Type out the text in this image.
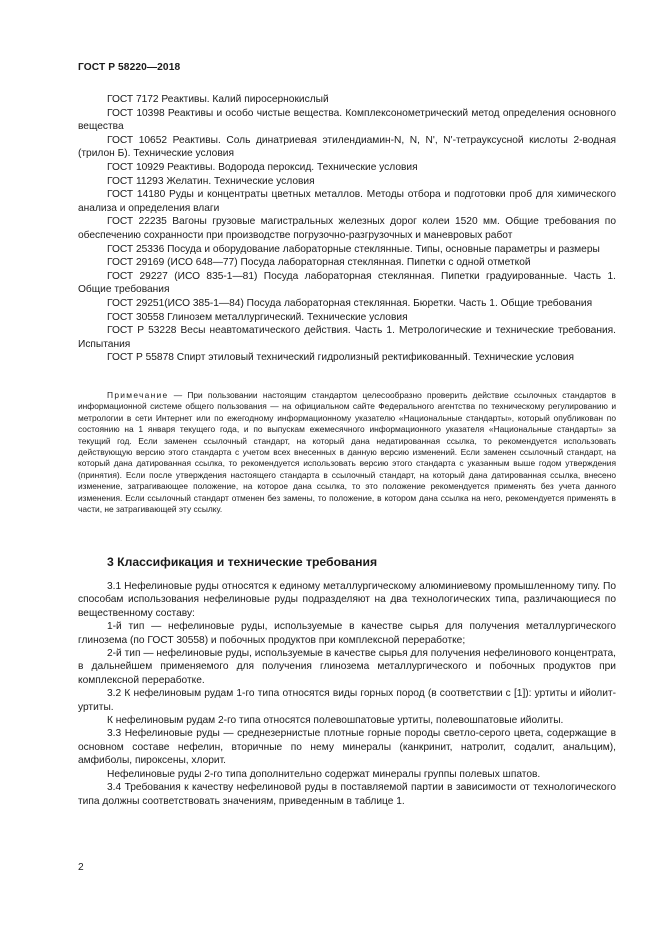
ГОСТ Р 58220—2018

ГОСТ 7172 Реактивы. Калий пиросернокислый

ГОСТ 10398 Реактивы и особо чистые вещества. Комплексонометрический метод определения основного вещества

ГОСТ 10652 Реактивы. Соль динатриевая этилендиамин-N, N, N', N'-тетрауксусной кислоты 2-водная (трилон Б). Технические условия

ГОСТ 10929 Реактивы. Водорода пероксид. Технические условия

ГОСТ 11293 Желатин. Технические условия

ГОСТ 14180 Руды и концентраты цветных металлов. Методы отбора и подготовки проб для химического анализа и определения влаги

ГОСТ 22235 Вагоны грузовые магистральных железных дорог колеи 1520 мм. Общие требования по обеспечению сохранности при производстве погрузочно-разгрузочных и маневровых работ

ГОСТ 25336 Посуда и оборудование лабораторные стеклянные. Типы, основные параметры и размеры

ГОСТ 29169 (ИСО 648—77) Посуда лабораторная стеклянная. Пипетки с одной отметкой

ГОСТ 29227 (ИСО 835-1—81) Посуда лабораторная стеклянная. Пипетки градуированные. Часть 1. Общие требования

ГОСТ 29251(ИСО 385-1—84) Посуда лабораторная стеклянная. Бюретки. Часть 1. Общие требования

ГОСТ 30558 Глинозем металлургический. Технические условия

ГОСТ Р 53228 Весы неавтоматического действия. Часть 1. Метрологические и технические требования. Испытания

ГОСТ Р 55878 Спирт этиловый технический гидролизный ректификованный. Технические условия

Примечание — При пользовании настоящим стандартом целесообразно проверить действие ссылочных стандартов в информационной системе общего пользования — на официальном сайте Федерального агентства по техническому регулированию и метрологии в сети Интернет или по ежегодному информационному указателю «Национальные стандарты», который опубликован по состоянию на 1 января текущего года, и по выпускам ежемесячного информационного указателя «Национальные стандарты» за текущий год. Если заменен ссылочный стандарт, на который дана недатированная ссылка, то рекомендуется использовать действующую версию этого стандарта с учетом всех внесенных в данную версию изменений. Если заменен ссылочный стандарт, на который дана датированная ссылка, то рекомендуется использовать версию этого стандарта с указанным выше годом утверждения (принятия). Если после утверждения настоящего стандарта в ссылочный стандарт, на который дана датированная ссылка, внесено изменение, затрагивающее положение, на которое дана ссылка, то это положение рекомендуется применять без учета данного изменения. Если ссылочный стандарт отменен без замены, то положение, в котором дана ссылка на него, рекомендуется применять в части, не затрагивающей эту ссылку.

3 Классификация и технические требования

3.1 Нефелиновые руды относятся к единому металлургическому алюминиевому промышленному типу. По способам использования нефелиновые руды подразделяют на два технологических типа, различающиеся по вещественному составу:

1-й тип — нефелиновые руды, используемые в качестве сырья для получения металлургического глинозема (по ГОСТ 30558) и побочных продуктов при комплексной переработке;

2-й тип — нефелиновые руды, используемые в качестве сырья для получения нефелинового концентрата, в дальнейшем применяемого для получения глинозема металлургического и побочных продуктов при комплексной переработке.

3.2 К нефелиновым рудам 1-го типа относятся виды горных пород (в соответствии с [1]): уртиты и ийолит-уртиты.

К нефелиновым рудам 2-го типа относятся полевошпатовые уртиты, полевошпатовые ийолиты.

3.3 Нефелиновые руды — среднезернистые плотные горные породы светло-серого цвета, содержащие в основном составе нефелин, вторичные по нему минералы (канкринит, натролит, содалит, анальцим), амфиболы, пироксены, хлорит.

Нефелиновые руды 2-го типа дополнительно содержат минералы группы полевых шпатов.

3.4 Требования к качеству нефелиновой руды в поставляемой партии в зависимости от технологического типа должны соответствовать значениям, приведенным в таблице 1.

2
